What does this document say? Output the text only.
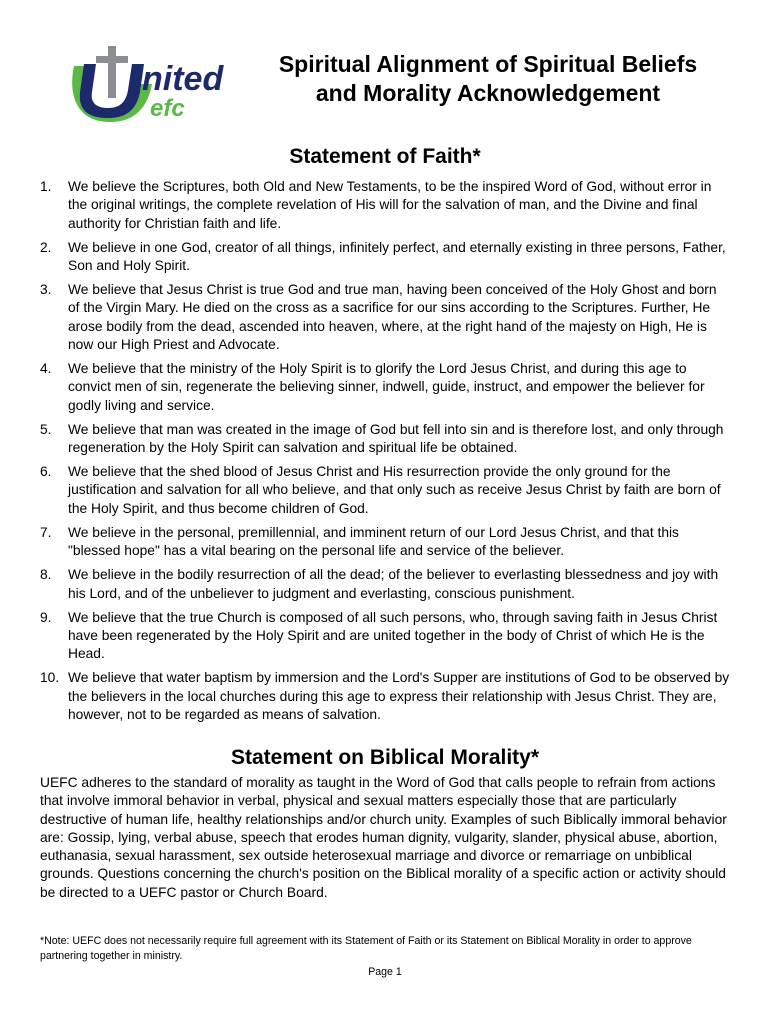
nited
efc
Spiritual Alignment of Spiritual Beliefs
and Morality Acknowledgement
Statement of Faith*
1.	We believe the Scriptures, both Old and New Testaments, to be the inspired Word of God, without error in the original writings, the complete revelation of His will for the salvation of man, and the Divine and final authority for Christian faith and life.
2.	We believe in one God, creator of all things, infinitely perfect, and eternally existing in three persons, Father, Son and Holy Spirit.
3.	We believe that Jesus Christ is true God and true man, having been conceived of the Holy Ghost and born of the Virgin Mary. He died on the cross as a sacrifice for our sins according to the Scriptures. Further, He arose bodily from the dead, ascended into heaven, where, at the right hand of the majesty on High, He is now our High Priest and Advocate.
4.	We believe that the ministry of the Holy Spirit is to glorify the Lord Jesus Christ, and during this age to convict men of sin, regenerate the believing sinner, indwell, guide, instruct, and empower the believer for godly living and service.
5.	We believe that man was created in the image of God but fell into sin and is therefore lost, and only through regeneration by the Holy Spirit can salvation and spiritual life be obtained.
6.	We believe that the shed blood of Jesus Christ and His resurrection provide the only ground for the justification and salvation for all who believe, and that only such as receive Jesus Christ by faith are born of the Holy Spirit, and thus become children of God.
7.	We believe in the personal, premillennial, and imminent return of our Lord Jesus Christ, and that this "blessed hope" has a vital bearing on the personal life and service of the believer.
8.	We believe in the bodily resurrection of all the dead; of the believer to everlasting blessedness and joy with his Lord, and of the unbeliever to judgment and everlasting, conscious punishment.
9.	We believe that the true Church is composed of all such persons, who, through saving faith in Jesus Christ have been regenerated by the Holy Spirit and are united together in the body of Christ of which He is the Head.
10. We believe that water baptism by immersion and the Lord's Supper are institutions of God to be observed by the believers in the local churches during this age to express their relationship with Jesus Christ. They are, however, not to be regarded as means of salvation.
Statement on Biblical Morality*

UEFC adheres to the standard of morality as taught in the Word of God that calls people to refrain from actions that involve immoral behavior in verbal, physical and sexual matters especially those that are particularly destructive of human life, healthy relationships and/or church unity. Examples of such Biblically immoral behavior are: Gossip, lying, verbal abuse, speech that erodes human dignity, vulgarity, slander, physical abuse, abortion, euthanasia, sexual harassment, sex outside heterosexual marriage and divorce or remarriage on unbiblical grounds. Questions concerning the church's position on the Biblical morality of a specific action or activity should be directed to a UEFC pastor or Church Board.

*Note: UEFC does not necessarily require full agreement with its Statement of Faith or its Statement on Biblical Morality in order to approve partnering together in ministry.

Page 1
